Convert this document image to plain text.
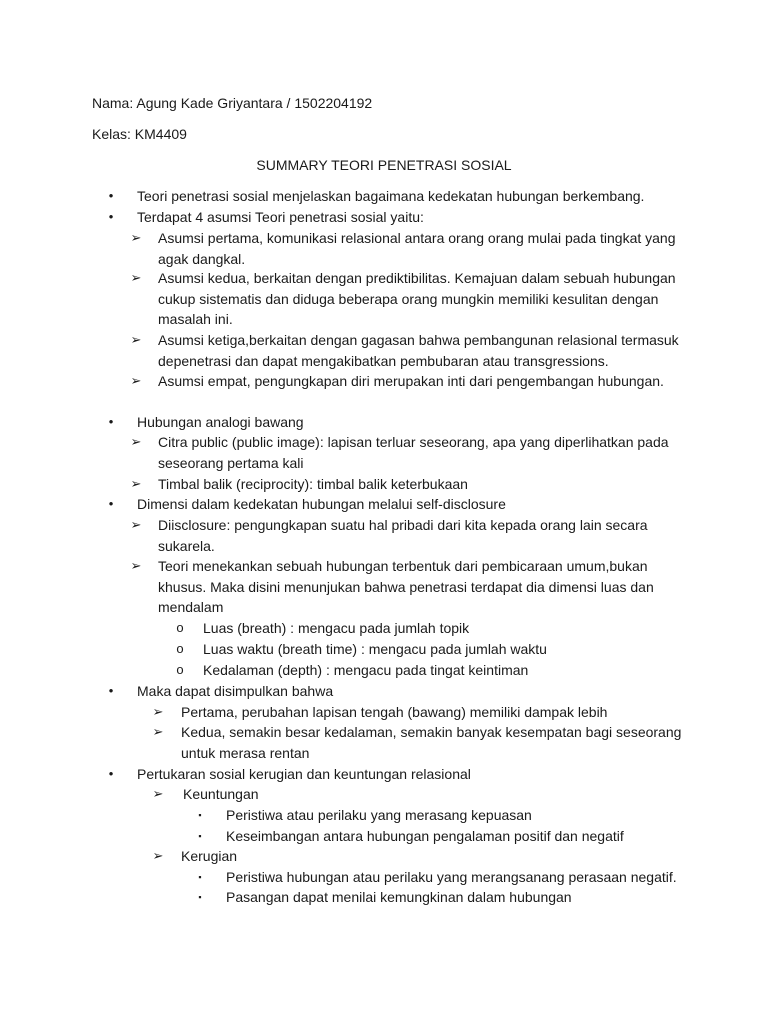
Nama: Agung Kade Griyantara / 1502204192
Kelas: KM4409
SUMMARY TEORI PENETRASI SOSIAL
•	Teori penetrasi sosial menjelaskan bagaimana kedekatan hubungan berkembang.
•	Terdapat 4 asumsi Teori penetrasi sosial yaitu:
➢ Asumsi pertama, komunikasi relasional antara orang orang mulai pada tingkat yang
agak dangkal.
➢ Asumsi kedua, berkaitan dengan prediktibilitas. Kemajuan dalam sebuah hubungan
cukup sistematis dan diduga beberapa orang mungkin memiliki kesulitan dengan
masalah ini.
➢ Asumsi ketiga,berkaitan dengan gagasan bahwa pembangunan relasional termasuk
depenetrasi dan dapat mengakibatkan pembubaran atau transgressions.
➢ Asumsi empat, pengungkapan diri merupakan inti dari pengembangan hubungan.
•	Hubungan analogi bawang
➢ Citra public (public image): lapisan terluar seseorang, apa yang diperlihatkan pada
seseorang pertama kali
➢ Timbal balik (reciprocity): timbal balik keterbukaan
•	Dimensi dalam kedekatan hubungan melalui self-disclosure
➢ Diisclosure: pengungkapan suatu hal pribadi dari kita kepada orang lain secara
sukarela.
➢ Teori menekankan sebuah hubungan terbentuk dari pembicaraan umum,bukan
khusus. Maka disini menunjukan bahwa penetrasi terdapat dia dimensi luas dan
mendalam
o	Luas (breath) : mengacu pada jumlah topik
o	Luas waktu (breath time) : mengacu pada jumlah waktu
o	Kedalaman (depth) : mengacu pada tingat keintiman
•	Maka dapat disimpulkan bahwa
➢ Pertama, perubahan lapisan tengah (bawang) memiliki dampak lebih
➢ Kedua, semakin besar kedalaman, semakin banyak kesempatan bagi seseorang
untuk merasa rentan
•	Pertukaran sosial kerugian dan keuntungan relasional
➢ Keuntungan
▪	Peristiwa atau perilaku yang merasang kepuasan
▪	Keseimbangan antara hubungan pengalaman positif dan negatif
➢ Kerugian
▪	Peristiwa hubungan atau perilaku yang merangsanang perasaan negatif.
▪	Pasangan dapat menilai kemungkinan dalam hubungan
